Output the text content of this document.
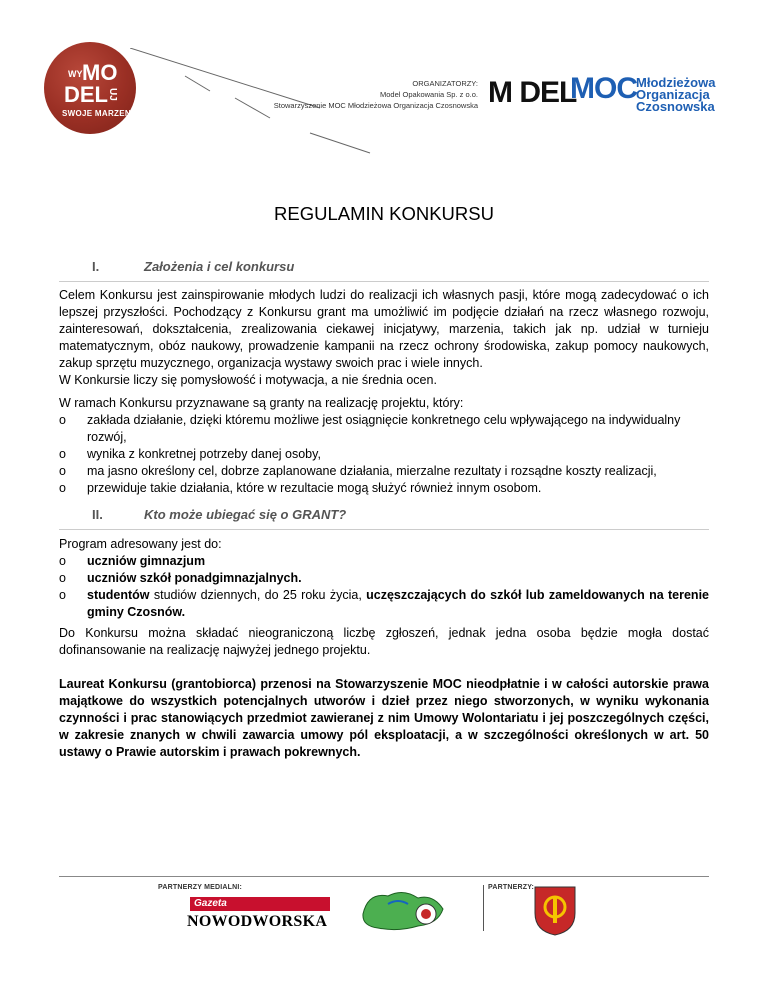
WY MO
DEL UJ
SWOJE MARZENIA
ORGANIZATORZY:
Model Opakowania Sp. z o.o.
Stowarzyszenie MOC Młodzieżowa Organizacja Czosnowska M DEL
MOC Młodzieżowa
Organizacja
Czosnowska
REGULAMIN KONKURSU
I.	Założenia i cel konkursu
Celem Konkursu jest zainspirowanie młodych ludzi do realizacji ich własnych pasji, które mogą zadecydować o ich lepszej przyszłości. Pochodzący z Konkursu grant ma umożliwić im podjęcie działań na rzecz własnego rozwoju, zainteresowań, dokształcenia, zrealizowania ciekawej inicjatywy, marzenia, takich jak np. udział w turnieju matematycznym, obóz naukowy, prowadzenie kampanii na rzecz ochrony środowiska, zakup pomocy naukowych, zakup sprzętu muzycznego, organizacja wystawy swoich prac i wiele innych.
W Konkursie liczy się pomysłowość i motywacja, a nie średnia ocen.
W ramach Konkursu przyznawane są granty na realizację projektu, który:
o zakłada działanie, dzięki któremu możliwe jest osiągnięcie konkretnego celu wpływającego na indywidualny rozwój,
o wynika z konkretnej potrzeby danej osoby,
o ma jasno określony cel, dobrze zaplanowane działania, mierzalne rezultaty i rozsądne koszty realizacji,
o przewiduje takie działania, które w rezultacie mogą służyć również innym osobom.
II.	Kto może ubiegać się o GRANT?
Program adresowany jest do:
o uczniów gimnazjum
o uczniów szkół ponadgimnazjalnych.
o studentów studiów dziennych, do 25 roku życia, uczęszczających do szkół lub zameldowanych na terenie gminy Czosnów.
Do Konkursu można składać nieograniczoną liczbę zgłoszeń, jednak jedna osoba będzie mogła dostać dofinansowanie na realizację najwyżej jednego projektu.
Laureat Konkursu (grantobiorca) przenosi na Stowarzyszenie MOC nieodpłatnie i w całości autorskie prawa majątkowe do wszystkich potencjalnych utworów i dzieł przez niego stworzonych, w wyniku wykonania czynności i prac stanowiących przedmiot zawieranej z nim Umowy Wolontariatu i jej poszczególnych części, w zakresie znanych w chwili zawarcia umowy pól eksploatacji, a w szczególności określonych w art. 50 ustawy o Prawie autorskim i prawach pokrewnych.
PARTNERZY MEDIALNI:
Gazeta
NOWODWORSKA
PARTNERZY:
